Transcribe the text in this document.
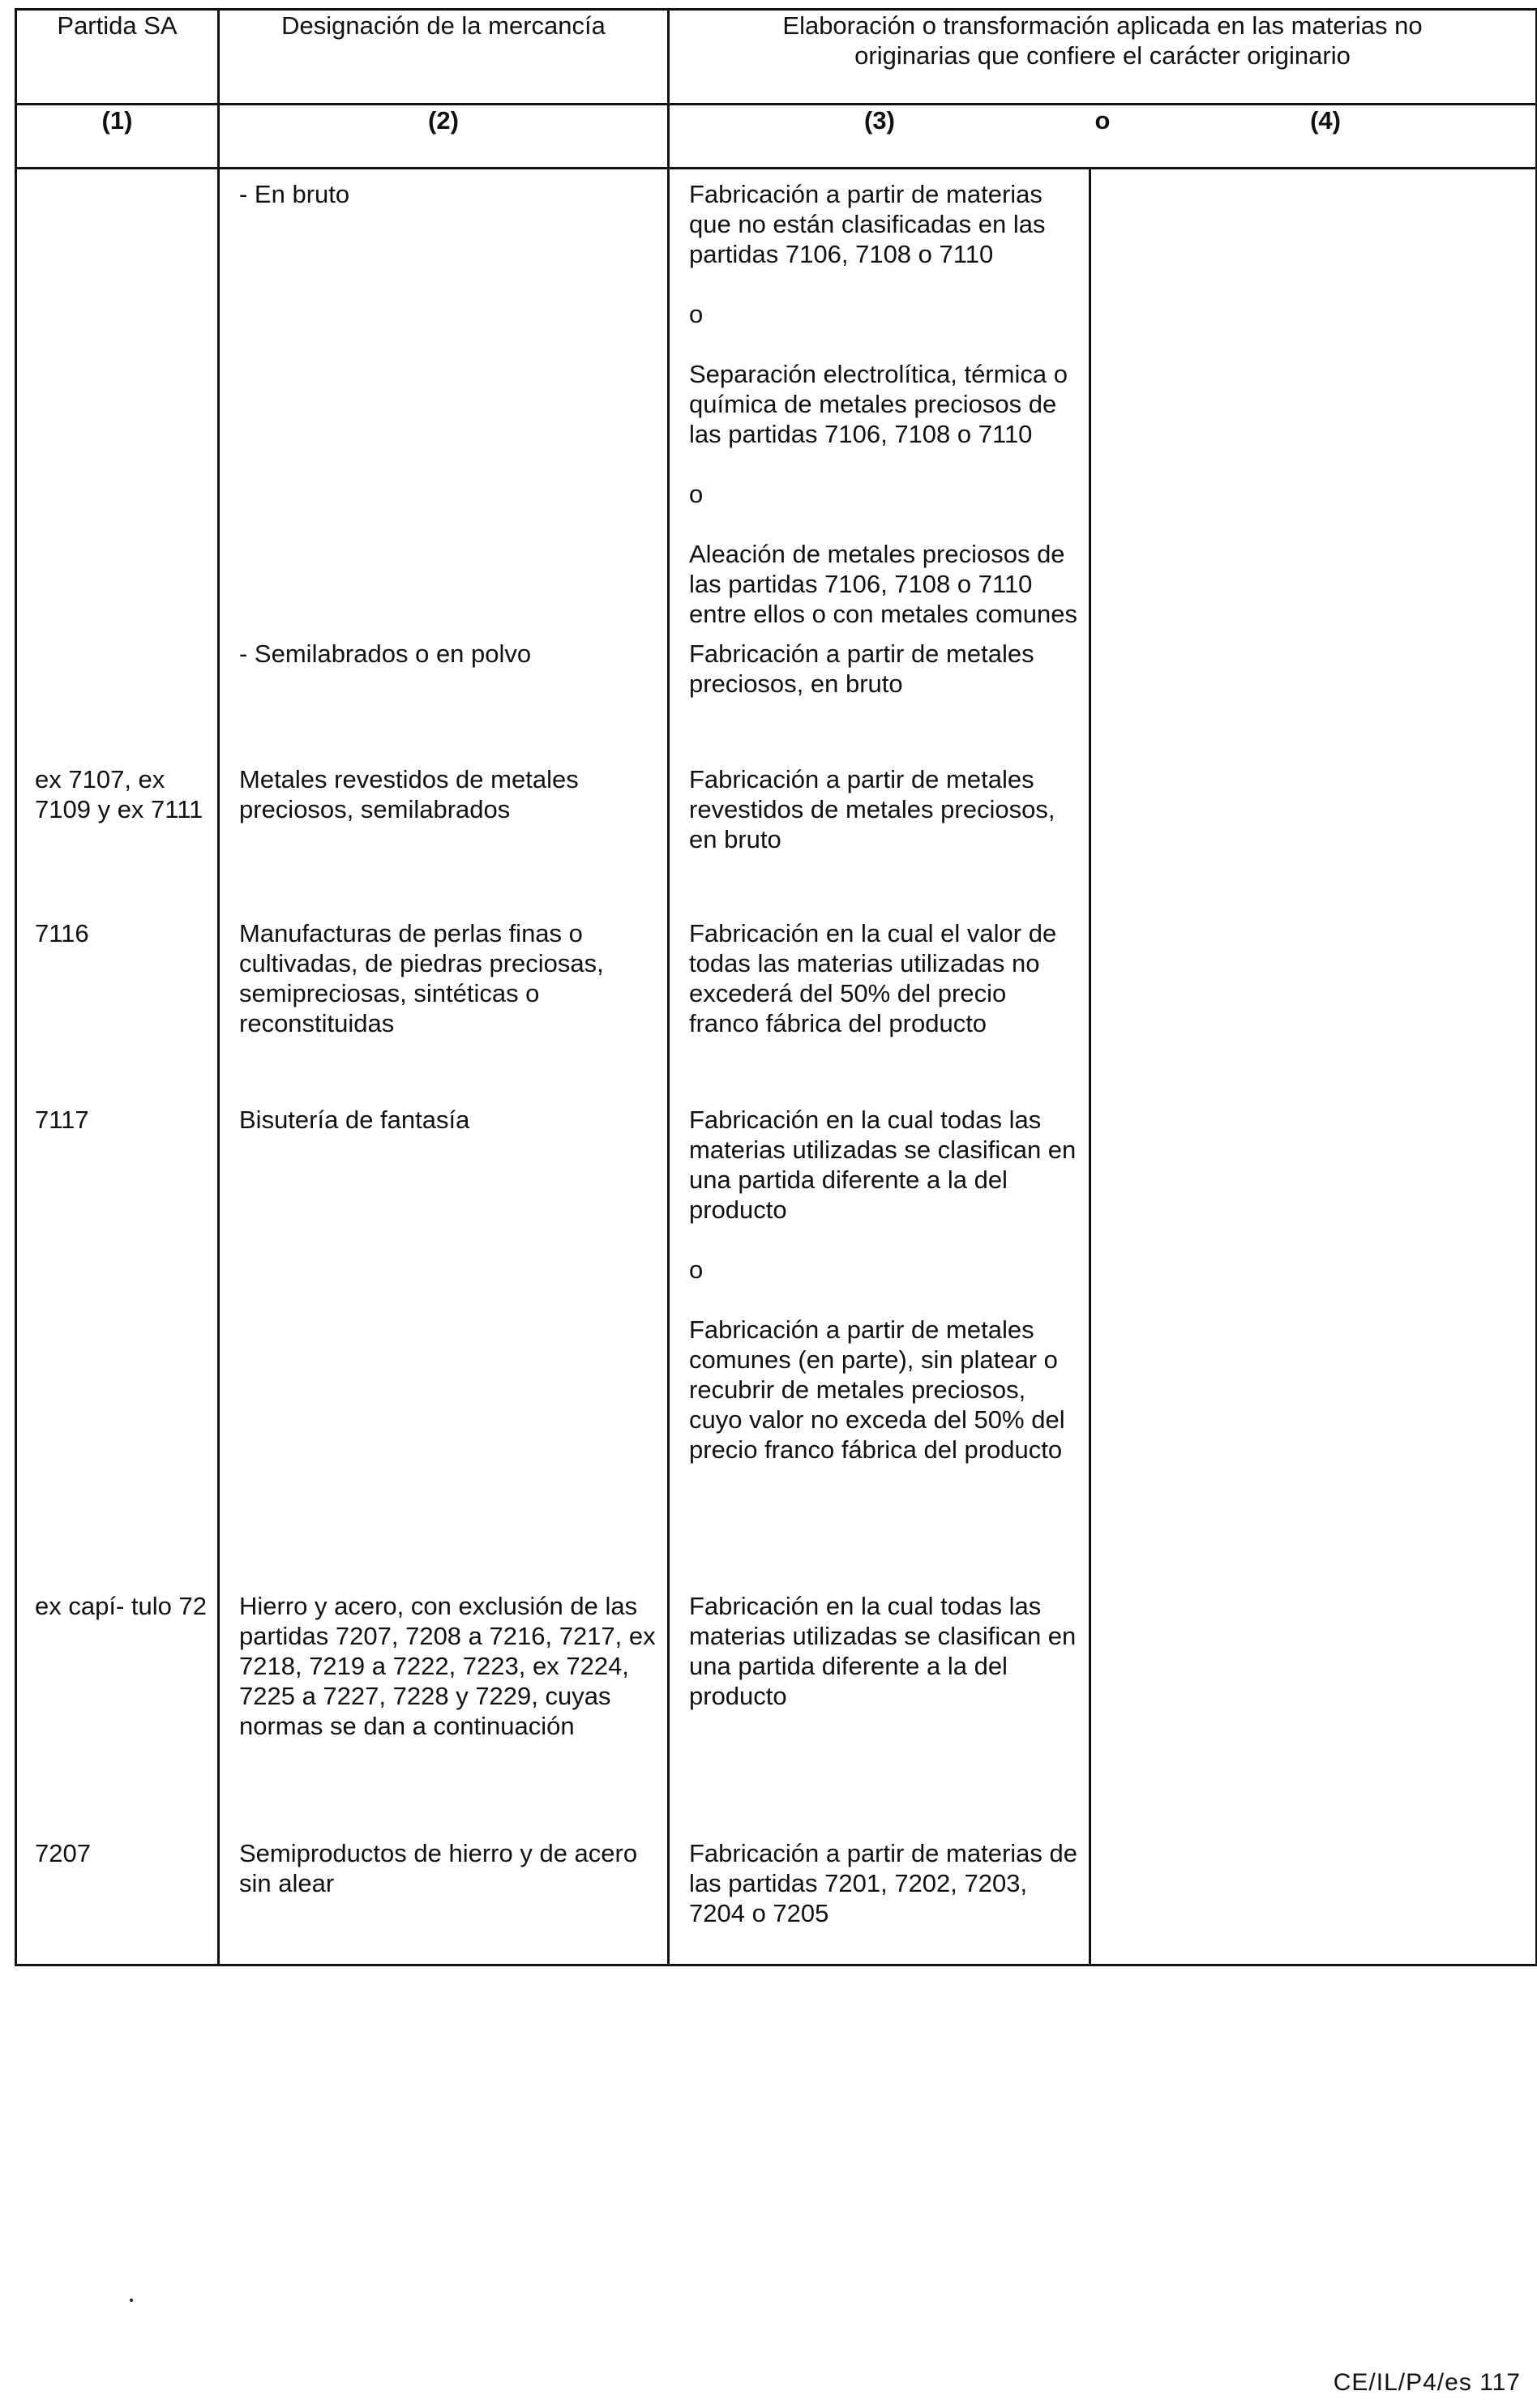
Partida SA	Designación de la mercancía	Elaboración o transformación aplicada en las materias no
originarias que confiere el carácter originario	

(1)	(2)	(3) o (4)	

	- En bruto	Fabricación a partir de materias que no están clasificadas en las partidas 7106, 7108 o 7110
o
Separación electrolítica, térmica o química de metales preciosos de las partidas 7106, 7108 o 7110
o
Aleación de metales preciosos de las partidas 7106, 7108 o 7110 entre ellos o con metales comunes	

	- Semilabrados o en polvo	Fabricación a partir de metales preciosos, en bruto	
ex 7107, ex 7109 y ex 7111	Metales revestidos de metales preciosos, semilabrados	Fabricación a partir de metales revestidos de metales preciosos, en bruto	
7116	Manufacturas de perlas finas o cultivadas, de piedras preciosas, semipreciosas, sintéticas o reconstituidas	Fabricación en la cual el valor de todas las materias utilizadas no excederá del 50% del precio franco fábrica del producto	
7117	Bisutería de fantasía	Fabricación en la cual todas las materias utilizadas se clasifican en una partida diferente a la del producto
o
Fabricación a partir de metales comunes (en parte), sin platear o recubrir de metales preciosos, cuyo valor no exceda del 50% del precio franco fábrica del producto	

ex capí- tulo 72	Hierro y acero, con exclusión de las partidas 7207, 7208 a 7216, 7217, ex 7218, 7219 a 7222, 7223, ex 7224, 7225 a 7227, 7228 y 7229, cuyas normas se dan a continuación	Fabricación en la cual todas las materias utilizadas se clasifican en una partida diferente a la del producto	
7207	Semiproductos de hierro y de acero sin alear	Fabricación a partir de materias de las partidas 7201, 7202, 7203, 7204 o 7205	
CE/IL/P4/es 117
